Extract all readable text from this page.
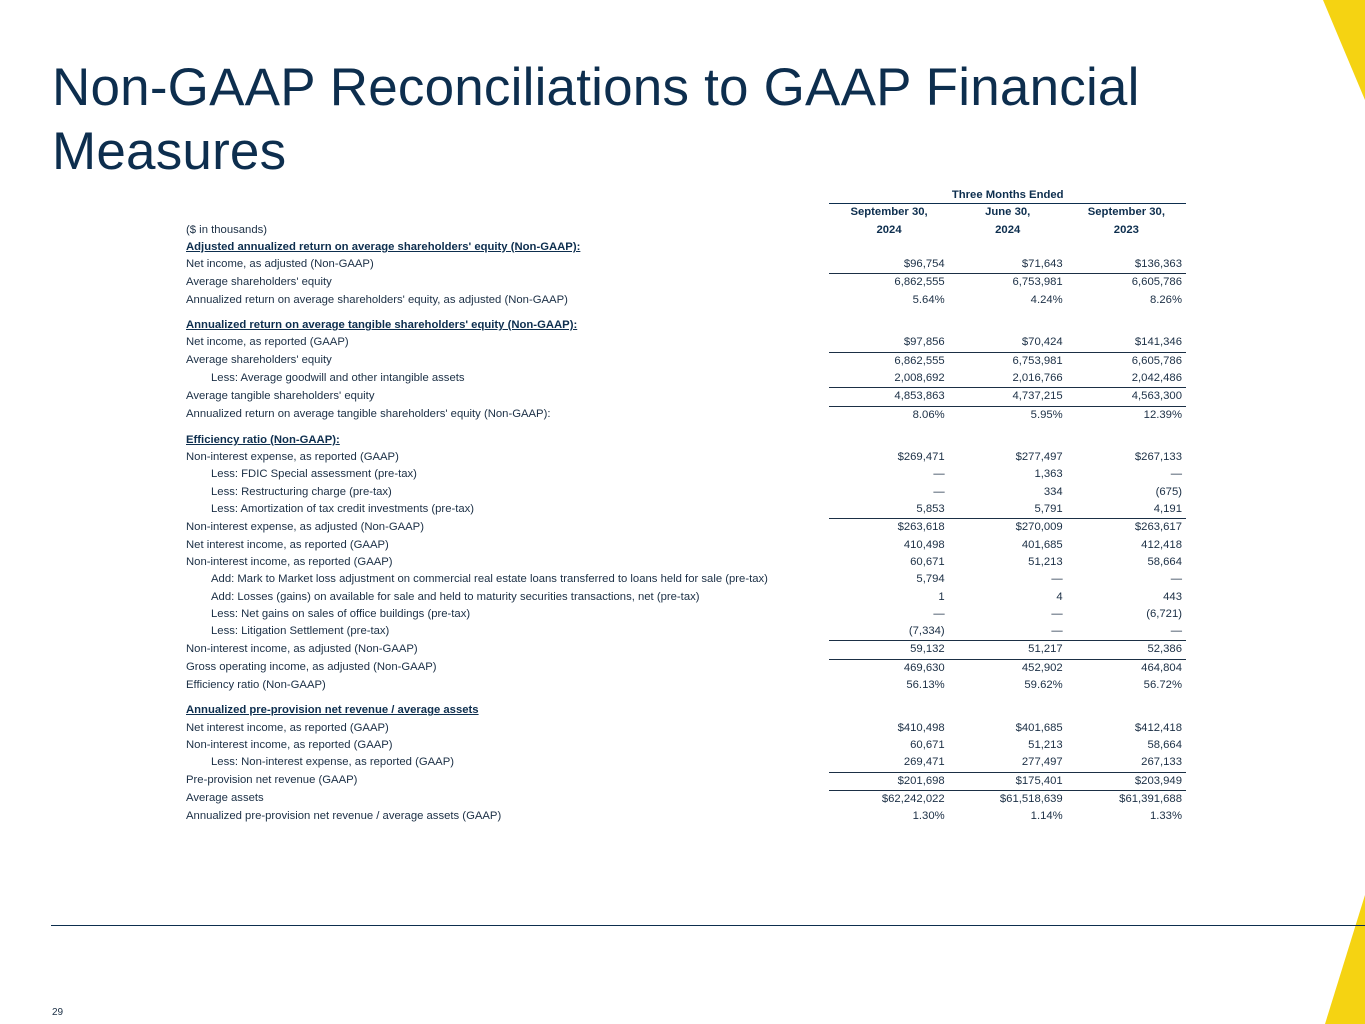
Non-GAAP Reconciliations to GAAP Financial Measures
	Three Months Ended		
	September 30,	June 30,	September 30,
($ in thousands)	2024	2024	2023

Adjusted annualized return on average shareholders' equity (Non-GAAP):			
Net income, as adjusted (Non-GAAP)	$96,754	$71,643	$136,363
Average shareholders' equity	6,862,555	6,753,981	6,605,786
Annualized return on average shareholders' equity, as adjusted (Non-GAAP)	5.64%	4.24%	8.26%

Annualized return on average tangible shareholders' equity (Non-GAAP):			
Net income, as reported (GAAP)	$97,856	$70,424	$141,346
Average shareholders' equity	6,862,555	6,753,981	6,605,786
Less: Average goodwill and other intangible assets	2,008,692	2,016,766	2,042,486
Average tangible shareholders' equity	4,853,863	4,737,215	4,563,300
Annualized return on average tangible shareholders' equity (Non-GAAP):	8.06%	5.95%	12.39%

Efficiency ratio (Non-GAAP):			
Non-interest expense, as reported (GAAP)	$269,471	$277,497	$267,133
Less: FDIC Special assessment (pre-tax)	—	1,363	—
Less: Restructuring charge (pre-tax)	—	334	(675)
Less: Amortization of tax credit investments (pre-tax)	5,853	5,791	4,191
Non-interest expense, as adjusted (Non-GAAP)	$263,618	$270,009	$263,617
Net interest income, as reported (GAAP)	410,498	401,685	412,418
Non-interest income, as reported (GAAP)	60,671	51,213	58,664
Add: Mark to Market loss adjustment on commercial real estate loans transferred to loans held for sale (pre-tax)	5,794	—	—
Add: Losses (gains) on available for sale and held to maturity securities transactions, net (pre-tax)	1	4	443
Less: Net gains on sales of office buildings (pre-tax)	—	—	(6,721)
Less: Litigation Settlement (pre-tax)	(7,334)	—	—
Non-interest income, as adjusted (Non-GAAP)	59,132	51,217	52,386
Gross operating income, as adjusted (Non-GAAP)	469,630	452,902	464,804
Efficiency ratio (Non-GAAP)	56.13%	59.62%	56.72%

Annualized pre-provision net revenue / average assets			
Net interest income, as reported (GAAP)	$410,498	$401,685	$412,418
Non-interest income, as reported (GAAP)	60,671	51,213	58,664
Less: Non-interest expense, as reported (GAAP)	269,471	277,497	267,133
Pre-provision net revenue (GAAP)	$201,698	$175,401	$203,949
Average assets	$62,242,022	$61,518,639	$61,391,688
Annualized pre-provision net revenue / average assets (GAAP)	1.30%	1.14%	1.33%
29
